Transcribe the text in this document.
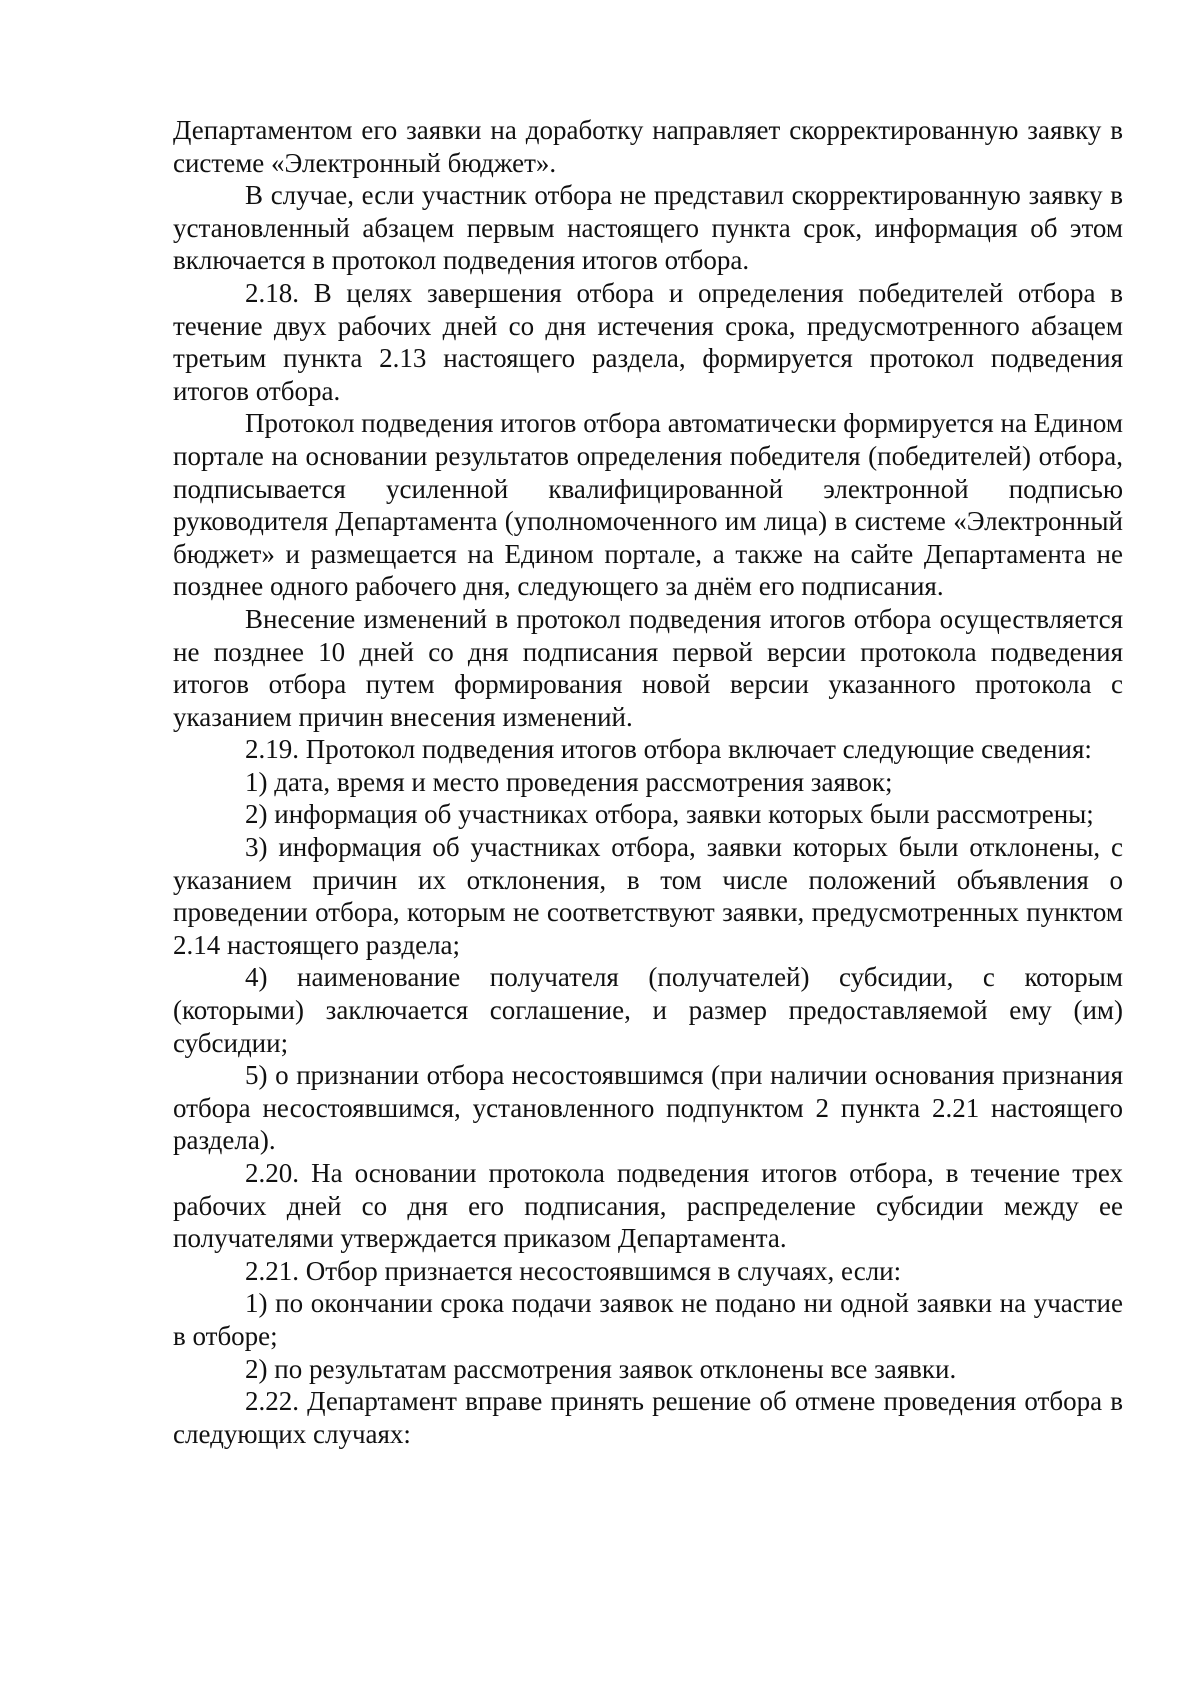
Департаментом его заявки на доработку направляет скорректированную заявку в системе «Электронный бюджет».

В случае, если участник отбора не представил скорректированную заявку в установленный абзацем первым настоящего пункта срок, информация об этом включается в протокол подведения итогов отбора.

2.18. В целях завершения отбора и определения победителей отбора в течение двух рабочих дней со дня истечения срока, предусмотренного абзацем третьим пункта 2.13 настоящего раздела, формируется протокол подведения итогов отбора.

Протокол подведения итогов отбора автоматически формируется на Едином портале на основании результатов определения победителя (победителей) отбора, подписывается усиленной квалифицированной электронной подписью руководителя Департамента (уполномоченного им лица) в системе «Электронный бюджет» и размещается на Едином портале, а также на сайте Департамента не позднее одного рабочего дня, следующего за днём его подписания.

Внесение изменений в протокол подведения итогов отбора осуществляется не позднее 10 дней со дня подписания первой версии протокола подведения итогов отбора путем формирования новой версии указанного протокола с указанием причин внесения изменений.

2.19. Протокол подведения итогов отбора включает следующие сведения:

1) дата, время и место проведения рассмотрения заявок;

2) информация об участниках отбора, заявки которых были рассмотрены;

3) информация об участниках отбора, заявки которых были отклонены, с указанием причин их отклонения, в том числе положений объявления о проведении отбора, которым не соответствуют заявки, предусмотренных пунктом 2.14 настоящего раздела;

4) наименование получателя (получателей) субсидии, с которым (которыми) заключается соглашение, и размер предоставляемой ему (им) субсидии;

5) о признании отбора несостоявшимся (при наличии основания признания отбора несостоявшимся, установленного подпунктом 2 пункта 2.21 настоящего раздела).

2.20. На основании протокола подведения итогов отбора, в течение трех рабочих дней со дня его подписания, распределение субсидии между ее получателями утверждается приказом Департамента.

2.21. Отбор признается несостоявшимся в случаях, если:

1) по окончании срока подачи заявок не подано ни одной заявки на участие в отборе;

2) по результатам рассмотрения заявок отклонены все заявки.

2.22. Департамент вправе принять решение об отмене проведения отбора в следующих случаях:
